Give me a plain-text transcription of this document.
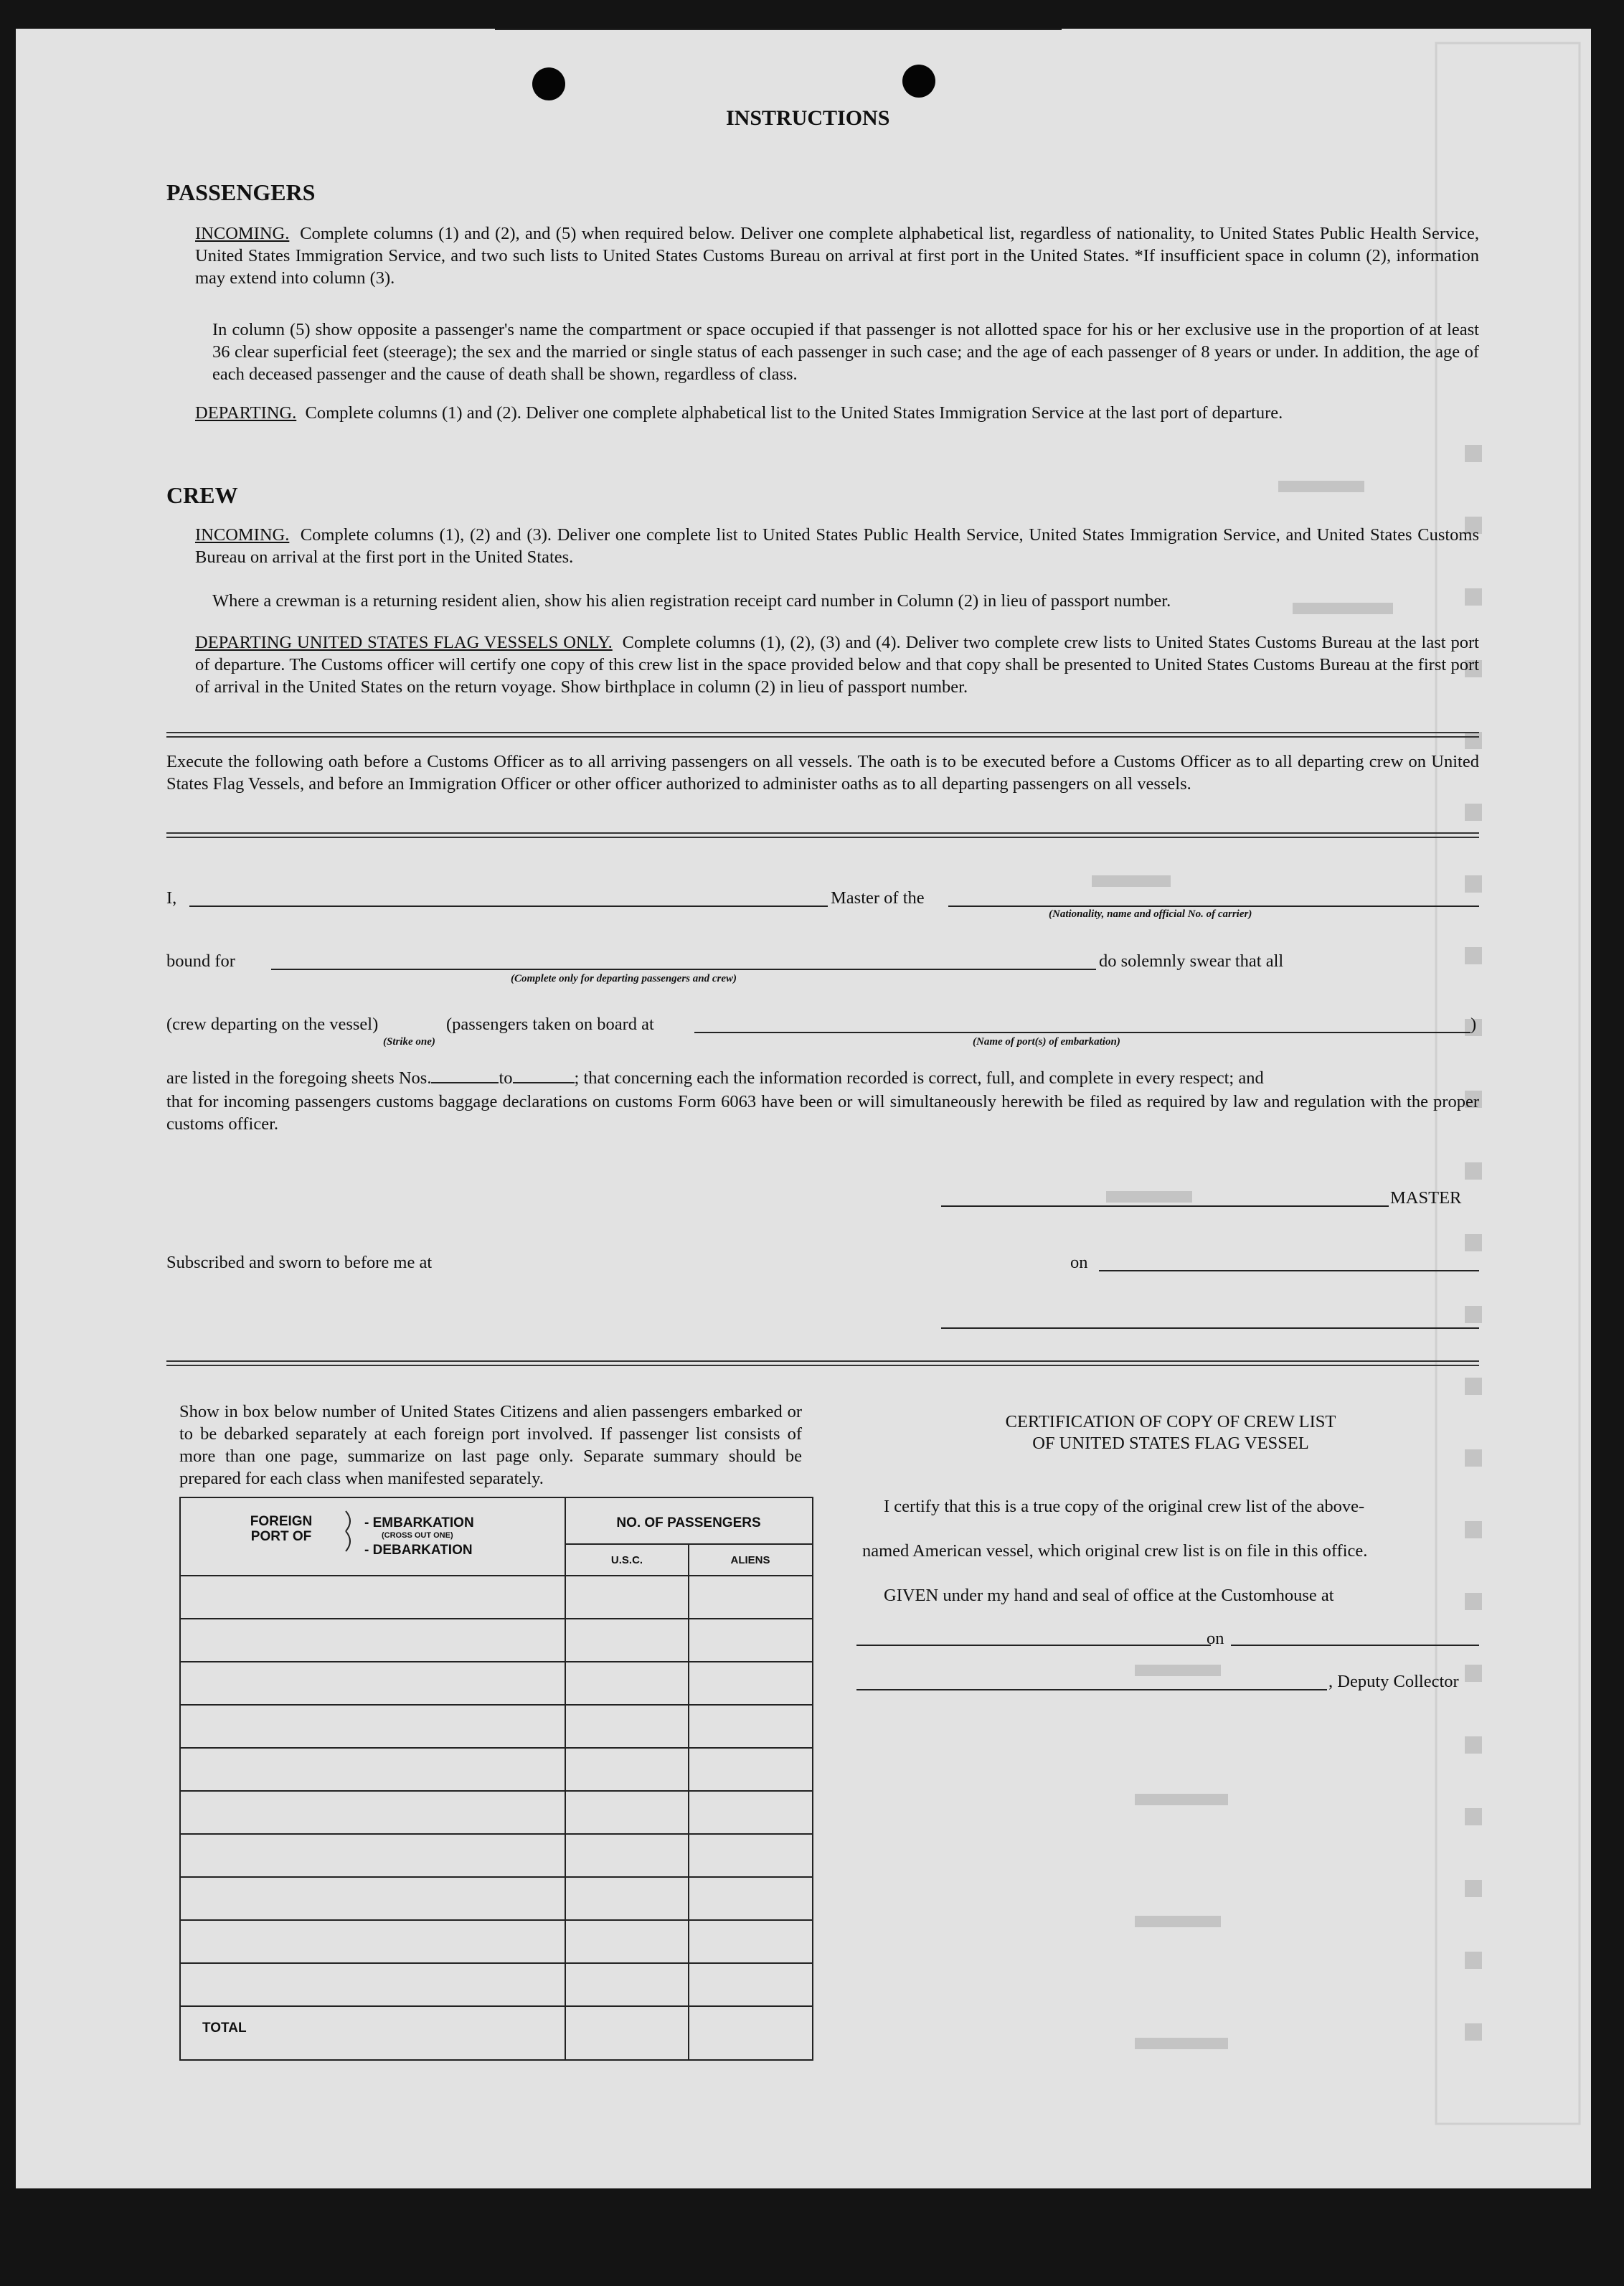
INSTRUCTIONS
PASSENGERS
INCOMING. Complete columns (1) and (2), and (5) when required below. Deliver one complete alphabetical list, regardless of nationality, to United States Public Health Service, United States Immigration Service, and two such lists to United States Customs Bureau on arrival at first port in the United States. *If insufficient space in column (2), information may extend into column (3).
In column (5) show opposite a passenger's name the compartment or space occupied if that passenger is not allotted space for his or her exclusive use in the proportion of at least 36 clear superficial feet (steerage); the sex and the married or single status of each passenger in such case; and the age of each passenger of 8 years or under. In addition, the age of each deceased passenger and the cause of death shall be shown, regardless of class.
DEPARTING. Complete columns (1) and (2). Deliver one complete alphabetical list to the United States Immigration Service at the last port of departure.
CREW
INCOMING. Complete columns (1), (2) and (3). Deliver one complete list to United States Public Health Service, United States Immigration Service, and United States Customs Bureau on arrival at the first port in the United States.
Where a crewman is a returning resident alien, show his alien registration receipt card number in Column (2) in lieu of passport number.
DEPARTING UNITED STATES FLAG VESSELS ONLY. Complete columns (1), (2), (3) and (4). Deliver two complete crew lists to United States Customs Bureau at the last port of departure. The Customs officer will certify one copy of this crew list in the space provided below and that copy shall be presented to United States Customs Bureau at the first port of arrival in the United States on the return voyage. Show birthplace in column (2) in lieu of passport number.
Execute the following oath before a Customs Officer as to all arriving passengers on all vessels. The oath is to be executed before a Customs Officer as to all departing crew on United States Flag Vessels, and before an Immigration Officer or other officer authorized to administer oaths as to all departing passengers on all vessels.
I,	Master of the
(Nationality, name and official No. of carrier)
bound for
(Complete only for departing passengers and crew)
do solemnly swear that all
(crew departing on the vessel)	(passengers taken on board at	)
(Strike one)	(Name of port(s) of embarkation)
are listed in the foregoing sheets Nos.	to	; that concerning each the information recorded is correct, full, and complete in every respect; and
that for incoming passengers customs baggage declarations on customs Form 6063 have been or will simultaneously herewith be filed as required by law and regulation with the proper customs officer.
MASTER
Subscribed and sworn to before me at	on
Show in box below number of United States Citizens and alien passengers embarked or to be debarked separately at each foreign port involved. If passenger list consists of more than one page, summarize on last page only. Separate summary should be prepared for each class when manifested separately.
FOREIGN PORT OF
- EMBARKATION
(CROSS OUT ONE)
- DEBARKATION
NO. OF PASSENGERS
U.S.C.	ALIENS
TOTAL
CERTIFICATION OF COPY OF CREW LIST
OF UNITED STATES FLAG VESSEL
I certify that this is a true copy of the original crew list of the above-
named American vessel, which original crew list is on file in this office.
GIVEN under my hand and seal of office at the Customhouse at
on
, Deputy Collector
